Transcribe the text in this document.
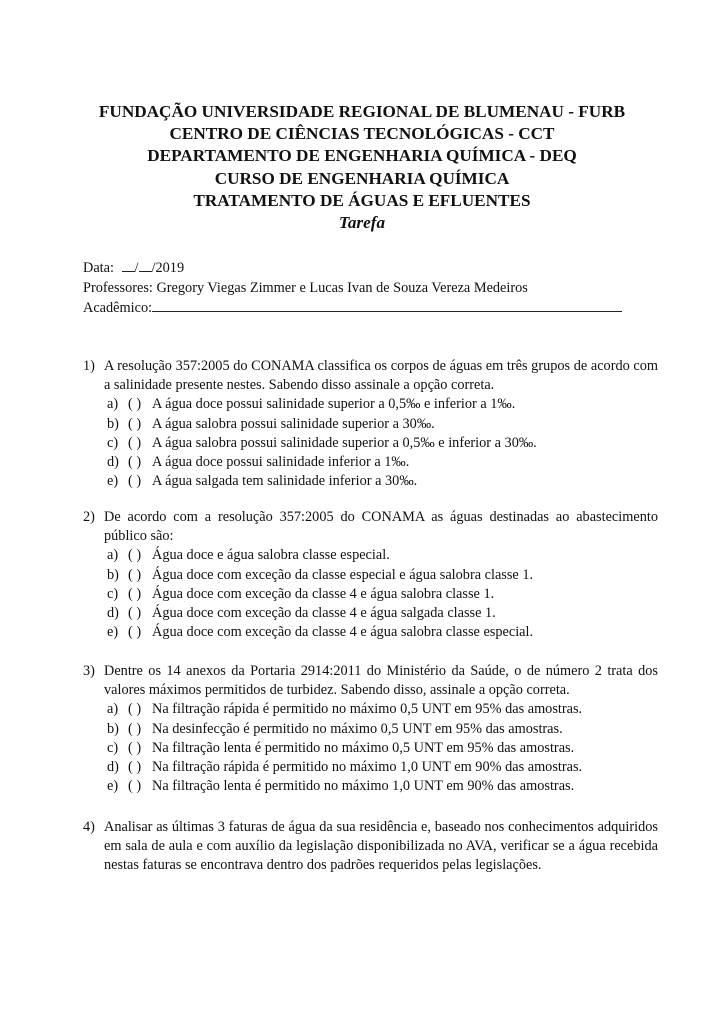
FUNDAÇÃO UNIVERSIDADE REGIONAL DE BLUMENAU - FURB
CENTRO DE CIÊNCIAS TECNOLÓGICAS - CCT
DEPARTAMENTO DE ENGENHARIA QUÍMICA - DEQ
CURSO DE ENGENHARIA QUÍMICA
TRATAMENTO DE ÁGUAS E EFLUENTES
Tarefa
Data: / /2019
Professores: Gregory Viegas Zimmer e Lucas Ivan de Souza Vereza Medeiros
Acadêmico:
1) A resolução 357:2005 do CONAMA classifica os corpos de águas em três grupos de acordo com a salinidade presente nestes. Sabendo disso assinale a opção correta.
a) ( ) A água doce possui salinidade superior a 0,5‰ e inferior a 1‰.
b) ( ) A água salobra possui salinidade superior a 30‰.
c) ( ) A água salobra possui salinidade superior a 0,5‰ e inferior a 30‰.
d) ( ) A água doce possui salinidade inferior a 1‰.
e) ( ) A água salgada tem salinidade inferior a 30‰.
2) De acordo com a resolução 357:2005 do CONAMA as águas destinadas ao abastecimento público são:
a) ( ) Água doce e água salobra classe especial.
b) ( ) Água doce com exceção da classe especial e água salobra classe 1.
c) ( ) Água doce com exceção da classe 4 e água salobra classe 1.
d) ( ) Água doce com exceção da classe 4 e água salgada classe 1.
e) ( ) Água doce com exceção da classe 4 e água salobra classe especial.
3) Dentre os 14 anexos da Portaria 2914:2011 do Ministério da Saúde, o de número 2 trata dos valores máximos permitidos de turbidez. Sabendo disso, assinale a opção correta.
a) ( ) Na filtração rápida é permitido no máximo 0,5 UNT em 95% das amostras.
b) ( ) Na desinfecção é permitido no máximo 0,5 UNT em 95% das amostras.
c) ( ) Na filtração lenta é permitido no máximo 0,5 UNT em 95% das amostras.
d) ( ) Na filtração rápida é permitido no máximo 1,0 UNT em 90% das amostras.
e) ( ) Na filtração lenta é permitido no máximo 1,0 UNT em 90% das amostras.
4) Analisar as últimas 3 faturas de água da sua residência e, baseado nos conhecimentos adquiridos em sala de aula e com auxílio da legislação disponibilizada no AVA, verificar se a água recebida nestas faturas se encontrava dentro dos padrões requeridos pelas legislações.
